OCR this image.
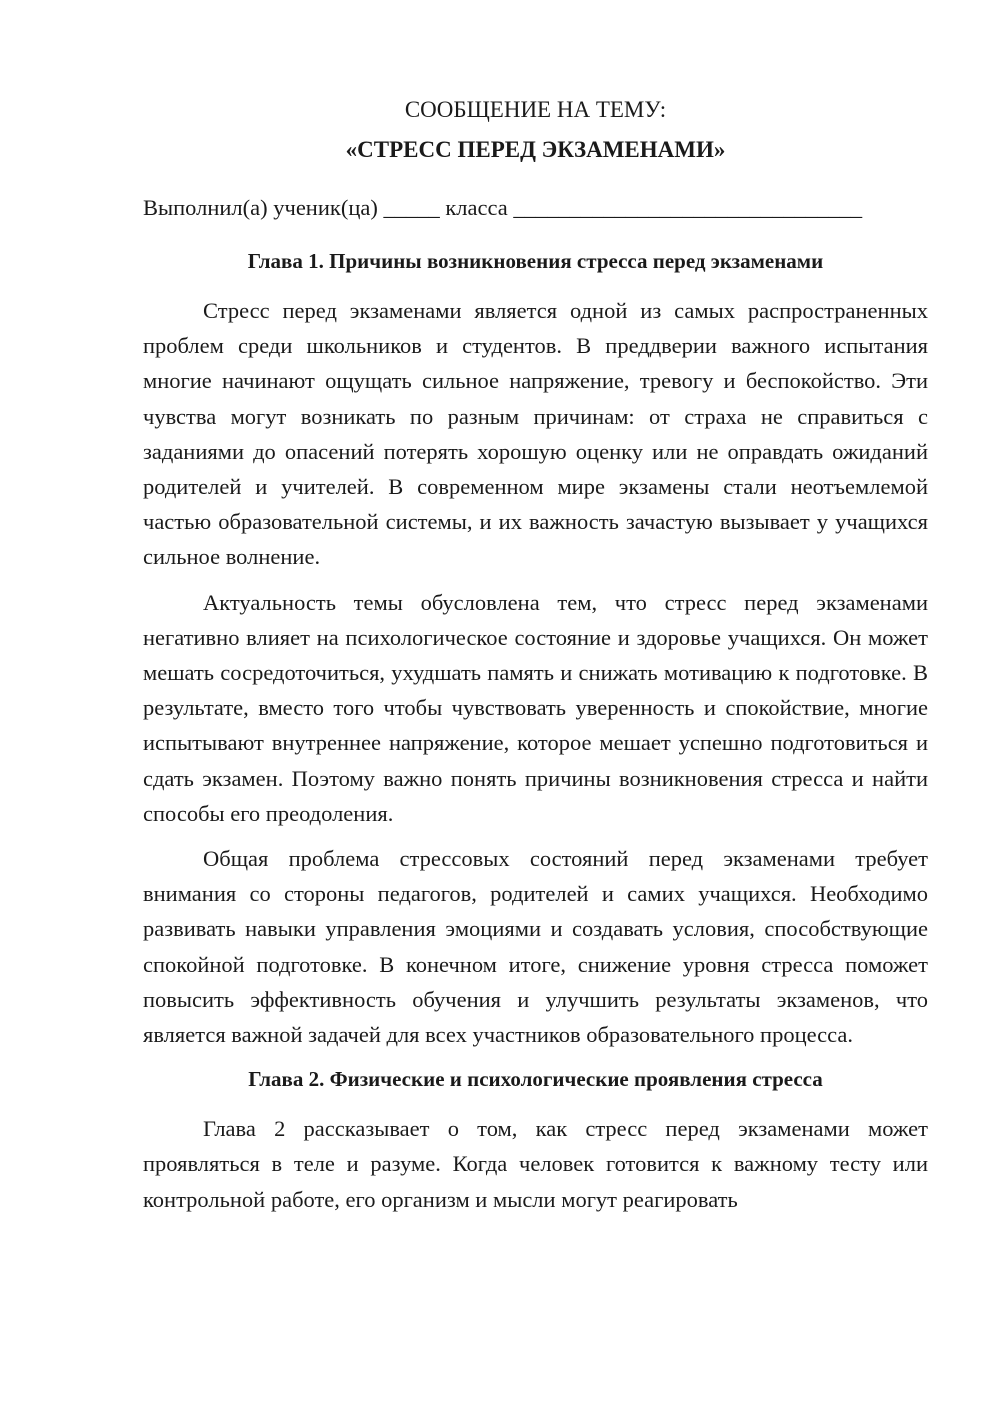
СООБЩЕНИЕ НА ТЕМУ:

«СТРЕСС ПЕРЕД ЭКЗАМЕНАМИ»

Выполнил(а) ученик(ца) _____ класса _______________________________

Глава 1. Причины возникновения стресса перед экзаменами

Стресс перед экзаменами является одной из самых распространенных проблем среди школьников и студентов. В преддверии важного испытания многие начинают ощущать сильное напряжение, тревогу и беспокойство. Эти чувства могут возникать по разным причинам: от страха не справиться с заданиями до опасений потерять хорошую оценку или не оправдать ожиданий родителей и учителей. В современном мире экзамены стали неотъемлемой частью образовательной системы, и их важность зачастую вызывает у учащихся сильное волнение.

Актуальность темы обусловлена тем, что стресс перед экзаменами негативно влияет на психологическое состояние и здоровье учащихся. Он может мешать сосредоточиться, ухудшать память и снижать мотивацию к подготовке. В результате, вместо того чтобы чувствовать уверенность и спокойствие, многие испытывают внутреннее напряжение, которое мешает успешно подготовиться и сдать экзамен. Поэтому важно понять причины возникновения стресса и найти способы его преодоления.

Общая проблема стрессовых состояний перед экзаменами требует внимания со стороны педагогов, родителей и самих учащихся. Необходимо развивать навыки управления эмоциями и создавать условия, способствующие спокойной подготовке. В конечном итоге, снижение уровня стресса поможет повысить эффективность обучения и улучшить результаты экзаменов, что является важной задачей для всех участников образовательного процесса.

Глава 2. Физические и психологические проявления стресса

Глава 2 рассказывает о том, как стресс перед экзаменами может проявляться в теле и разуме. Когда человек готовится к важному тесту или контрольной работе, его организм и мысли могут реагировать
